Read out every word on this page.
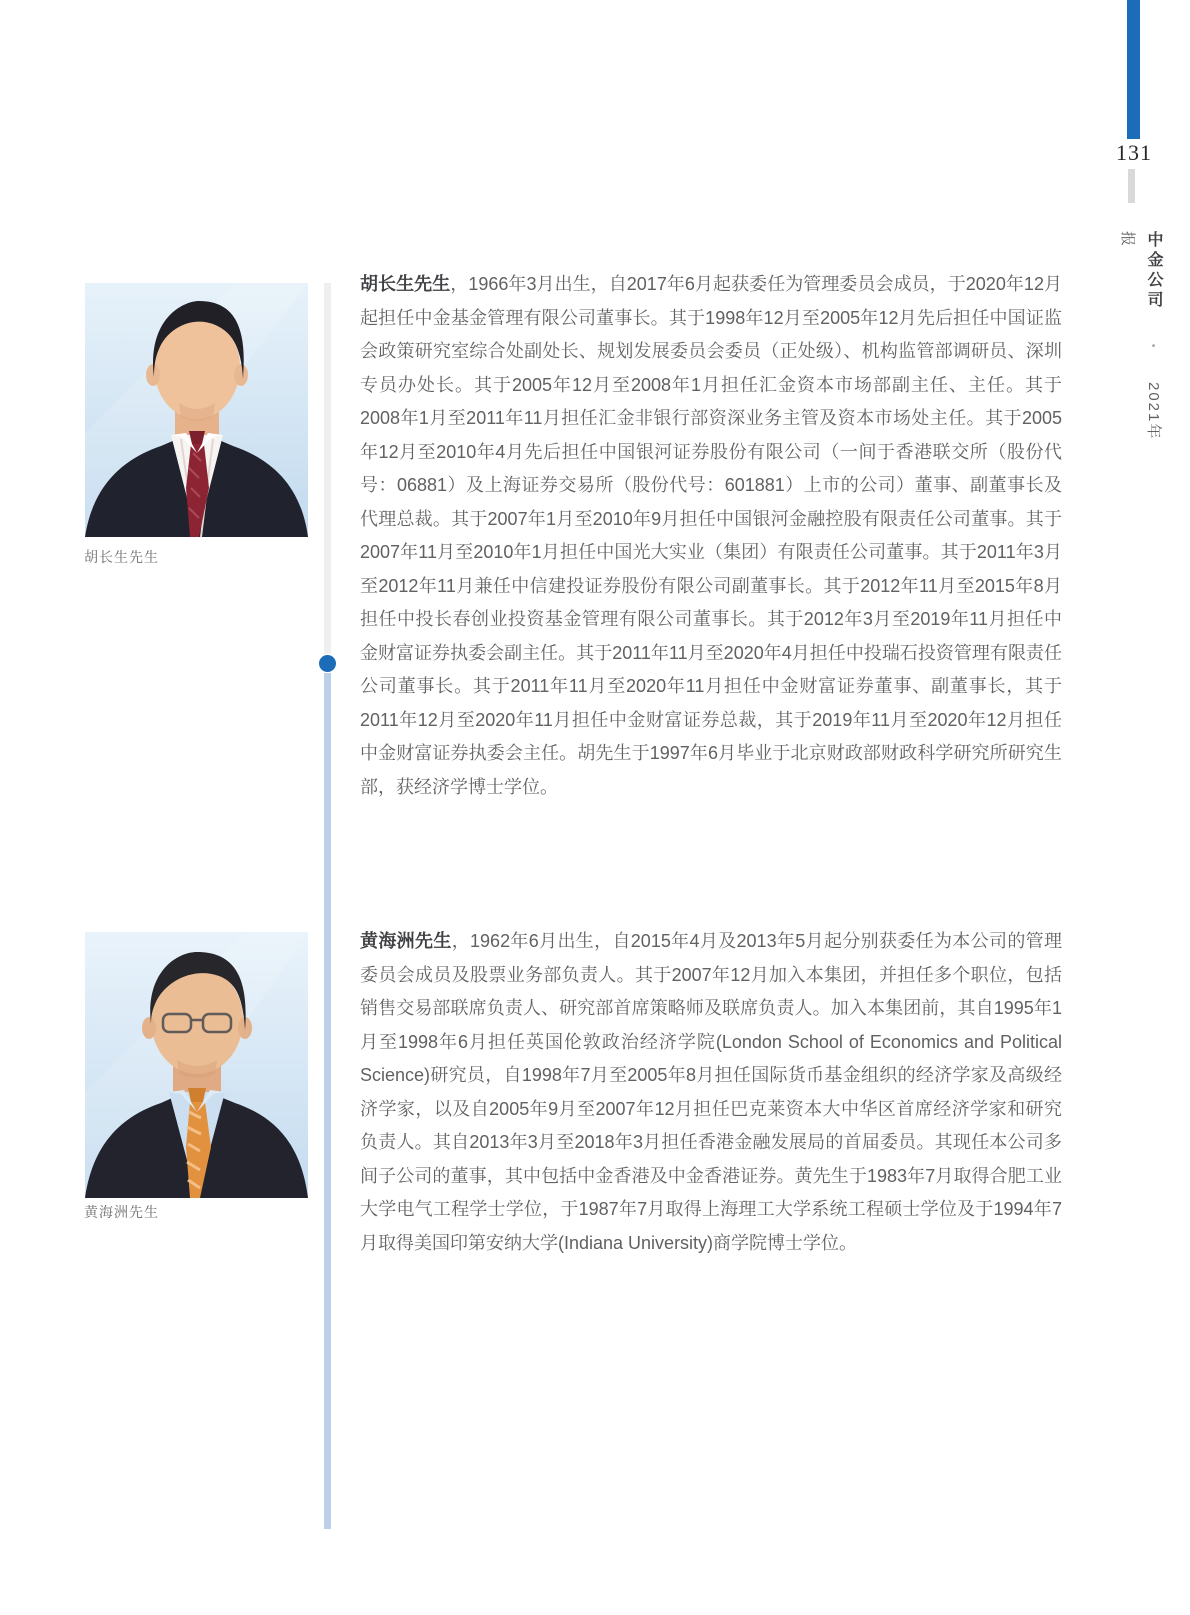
131
中金公司 • 2021年报
胡长生先生

胡长生先生，1966年3月出生，自2017年6月起获委任为管理委员会成员，于2020年12月起担任中金基金管理有限公司董事长。其于1998年12月至2005年12月先后担任中国证监会政策研究室综合处副处长、规划发展委员会委员（正处级）、机构监管部调研员、深圳专员办处长。其于2005年12月至2008年1月担任汇金资本市场部副主任、主任。其于2008年1月至2011年11月担任汇金非银行部资深业务主管及资本市场处主任。其于2005年12月至2010年4月先后担任中国银河证券股份有限公司（一间于香港联交所（股份代号：06881）及上海证券交易所（股份代号：601881）上市的公司）董事、副董事长及代理总裁。其于2007年1月至2010年9月担任中国银河金融控股有限责任公司董事。其于2007年11月至2010年1月担任中国光大实业（集团）有限责任公司董事。其于2011年3月至2012年11月兼任中信建投证券股份有限公司副董事长。其于2012年11月至2015年8月担任中投长春创业投资基金管理有限公司董事长。其于2012年3月至2019年11月担任中金财富证券执委会副主任。其于2011年11月至2020年4月担任中投瑞石投资管理有限责任公司董事长。其于2011年11月至2020年11月担任中金财富证券董事、副董事长，其于2011年12月至2020年11月担任中金财富证券总裁，其于2019年11月至2020年12月担任中金财富证券执委会主任。胡先生于1997年6月毕业于北京财政部财政科学研究所研究生部，获经济学博士学位。

黄海洲先生

黄海洲先生，1962年6月出生，自2015年4月及2013年5月起分别获委任为本公司的管理委员会成员及股票业务部负责人。其于2007年12月加入本集团，并担任多个职位，包括销售交易部联席负责人、研究部首席策略师及联席负责人。加入本集团前，其自1995年1月至1998年6月担任英国伦敦政治经济学院(London School of Economics and Political Science)研究员，自1998年7月至2005年8月担任国际货币基金组织的经济学家及高级经济学家，以及自2005年9月至2007年12月担任巴克莱资本大中华区首席经济学家和研究负责人。其自2013年3月至2018年3月担任香港金融发展局的首届委员。其现任本公司多间子公司的董事，其中包括中金香港及中金香港证券。黄先生于1983年7月取得合肥工业大学电气工程学士学位，于1987年7月取得上海理工大学系统工程硕士学位及于1994年7月取得美国印第安纳大学(Indiana University)商学院博士学位。
